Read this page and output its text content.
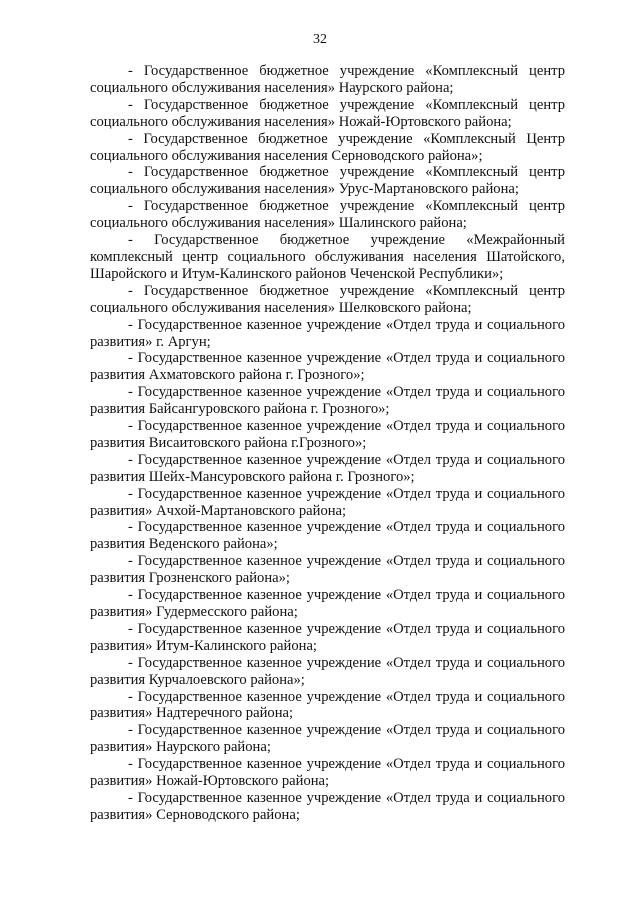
32

- Государственное бюджетное учреждение «Комплексный центр социального обслуживания населения» Наурского района;

- Государственное бюджетное учреждение «Комплексный центр социального обслуживания населения» Ножай-Юртовского района;

- Государственное бюджетное учреждение «Комплексный Центр социального обслуживания населения Серноводского района»;

- Государственное бюджетное учреждение «Комплексный центр социального обслуживания населения» Урус-Мартановского района;

- Государственное бюджетное учреждение «Комплексный центр социального обслуживания населения» Шалинского района;

- Государственное бюджетное учреждение «Межрайонный комплексный центр социального обслуживания населения Шатойского, Шаройского и Итум-Калинского районов Чеченской Республики»;

- Государственное бюджетное учреждение «Комплексный центр социального обслуживания населения» Шелковского района;

- Государственное казенное учреждение «Отдел труда и социального развития» г. Аргун;

- Государственное казенное учреждение «Отдел труда и социального развития Ахматовского района г. Грозного»;

- Государственное казенное учреждение «Отдел труда и социального развития Байсангуровского района г. Грозного»;

- Государственное казенное учреждение «Отдел труда и социального развития Висаитовского района г.Грозного»;

- Государственное казенное учреждение «Отдел труда и социального развития Шейх-Мансуровского района г. Грозного»;

- Государственное казенное учреждение «Отдел труда и социального развития» Ачхой-Мартановского района;

- Государственное казенное учреждение «Отдел труда и социального развития Веденского района»;

- Государственное казенное учреждение «Отдел труда и социального развития Грозненского района»;

- Государственное казенное учреждение «Отдел труда и социального развития» Гудермесского района;

- Государственное казенное учреждение «Отдел труда и социального развития» Итум-Калинского района;

- Государственное казенное учреждение «Отдел труда и социального развития Курчалоевского района»;

- Государственное казенное учреждение «Отдел труда и социального развития» Надтеречного района;

- Государственное казенное учреждение «Отдел труда и социального развития» Наурского района;

- Государственное казенное учреждение «Отдел труда и социального развития» Ножай-Юртовского района;

- Государственное казенное учреждение «Отдел труда и социального развития» Серноводского района;
